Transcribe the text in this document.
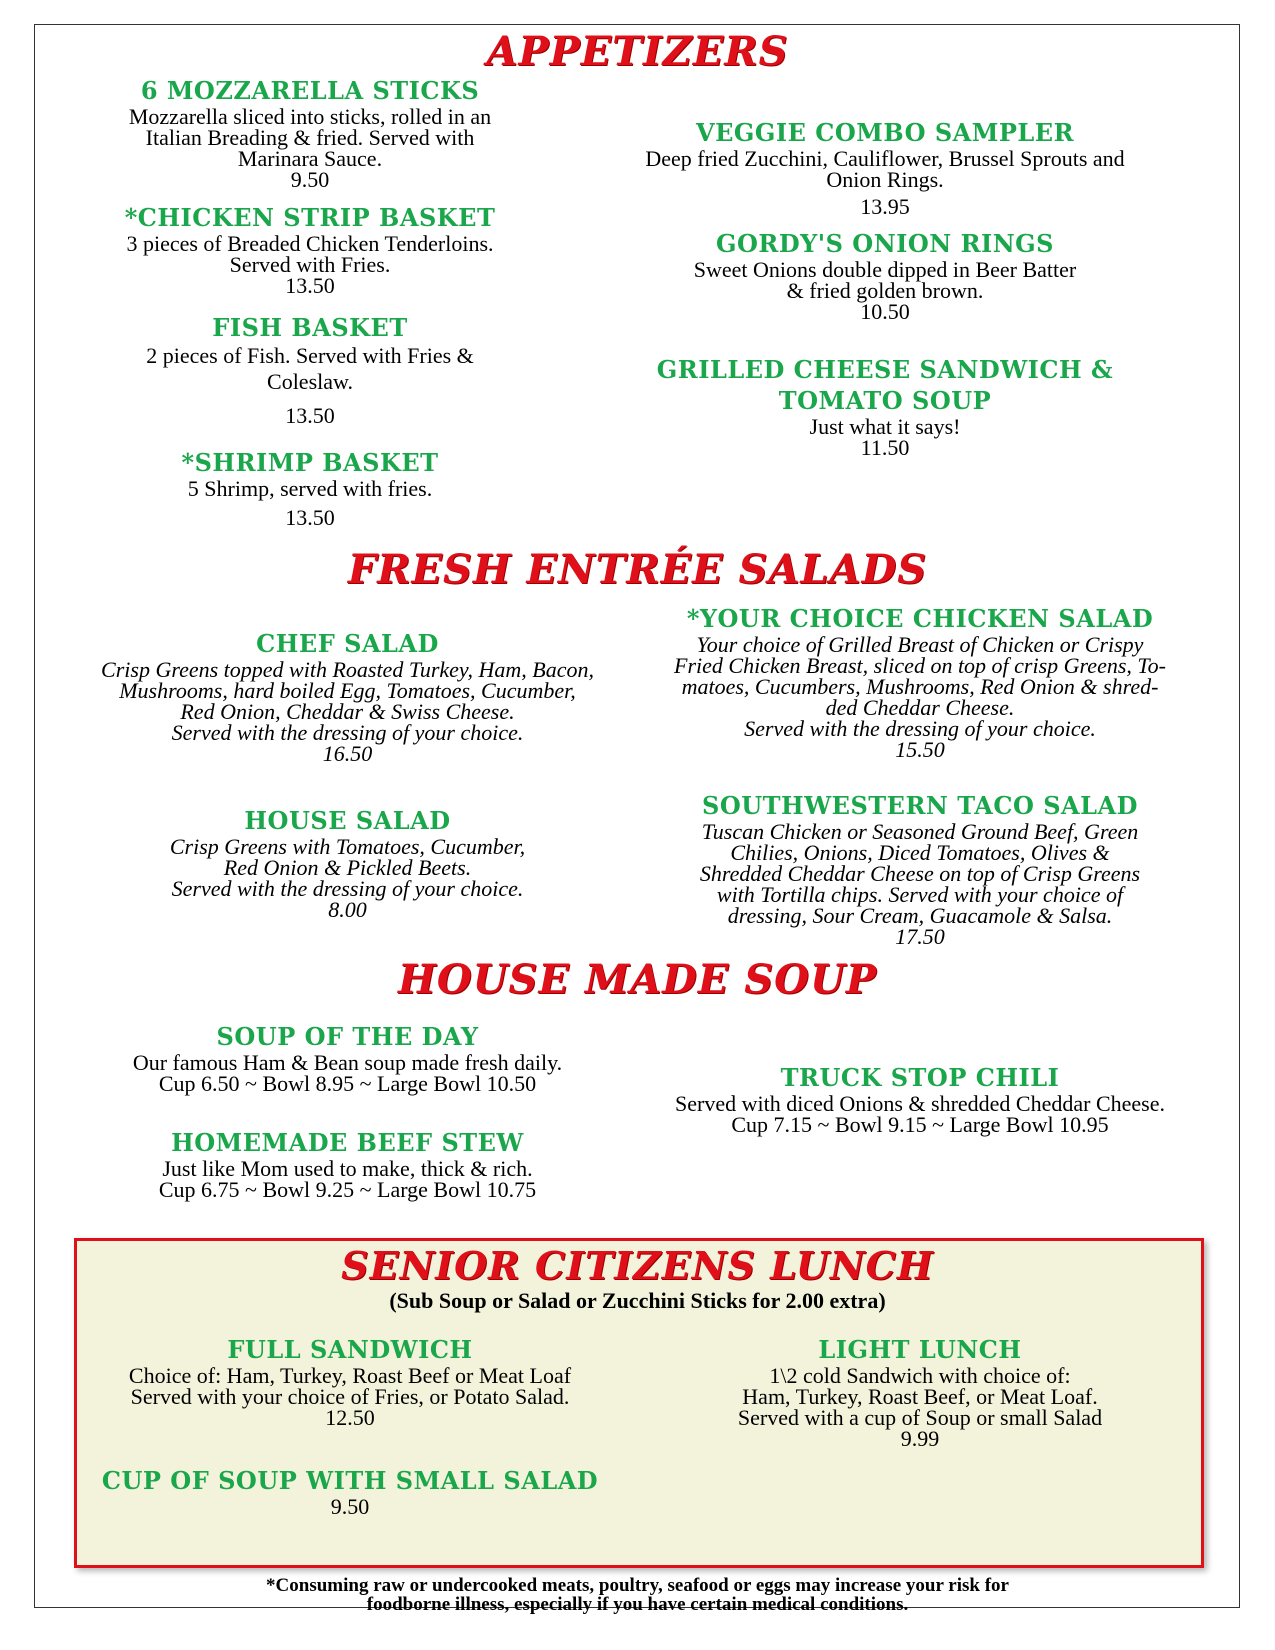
APPETIZERS
6 MOZZARELLA STICKS
Mozzarella sliced into sticks, rolled in an
Italian Breading & fried. Served with
Marinara Sauce.
9.50
*CHICKEN STRIP BASKET
3 pieces of Breaded Chicken Tenderloins.
Served with Fries.
13.50
FISH BASKET
2 pieces of Fish. Served with Fries &
Coleslaw.
13.50
*SHRIMP BASKET
5 Shrimp, served with fries.
13.50
VEGGIE COMBO SAMPLER
Deep fried Zucchini, Cauliflower, Brussel Sprouts and
Onion Rings.
13.95
GORDY'S ONION RINGS
Sweet Onions double dipped in Beer Batter
& fried golden brown.
10.50
GRILLED CHEESE SANDWICH & TOMATO SOUP
Just what it says!
11.50
FRESH ENTRÉE SALADS
CHEF SALAD
Crisp Greens topped with Roasted Turkey, Ham, Bacon,
Mushrooms, hard boiled Egg, Tomatoes, Cucumber,
Red Onion, Cheddar & Swiss Cheese.
Served with the dressing of your choice.
16.50
*YOUR CHOICE CHICKEN SALAD
Your choice of Grilled Breast of Chicken or Crispy
Fried Chicken Breast, sliced on top of crisp Greens, To-
matoes, Cucumbers, Mushrooms, Red Onion & shred-
ded Cheddar Cheese.
Served with the dressing of your choice.
15.50
HOUSE SALAD
Crisp Greens with Tomatoes, Cucumber,
Red Onion & Pickled Beets.
Served with the dressing of your choice.
8.00
SOUTHWESTERN TACO SALAD
Tuscan Chicken or Seasoned Ground Beef, Green
Chilies, Onions, Diced Tomatoes, Olives &
Shredded Cheddar Cheese on top of Crisp Greens
with Tortilla chips. Served with your choice of
dressing, Sour Cream, Guacamole & Salsa.
17.50
HOUSE MADE SOUP
SOUP OF THE DAY
Our famous Ham & Bean soup made fresh daily.
Cup 6.50 ~ Bowl 8.95 ~ Large Bowl 10.50
HOMEMADE BEEF STEW
Just like Mom used to make, thick & rich.
Cup 6.75 ~ Bowl 9.25 ~ Large Bowl 10.75
TRUCK STOP CHILI
Served with diced Onions & shredded Cheddar Cheese.
Cup 7.15 ~ Bowl 9.15 ~ Large Bowl 10.95
SENIOR CITIZENS LUNCH
(Sub Soup or Salad or Zucchini Sticks for 2.00 extra)
FULL SANDWICH
Choice of: Ham, Turkey, Roast Beef or Meat Loaf
Served with your choice of Fries, or Potato Salad.
12.50
LIGHT LUNCH
1\2 cold Sandwich with choice of:
Ham, Turkey, Roast Beef, or Meat Loaf.
Served with a cup of Soup or small Salad
9.99
CUP OF SOUP WITH SMALL SALAD
9.50
*Consuming raw or undercooked meats, poultry, seafood or eggs may increase your risk for
foodborne illness, especially if you have certain medical conditions.
